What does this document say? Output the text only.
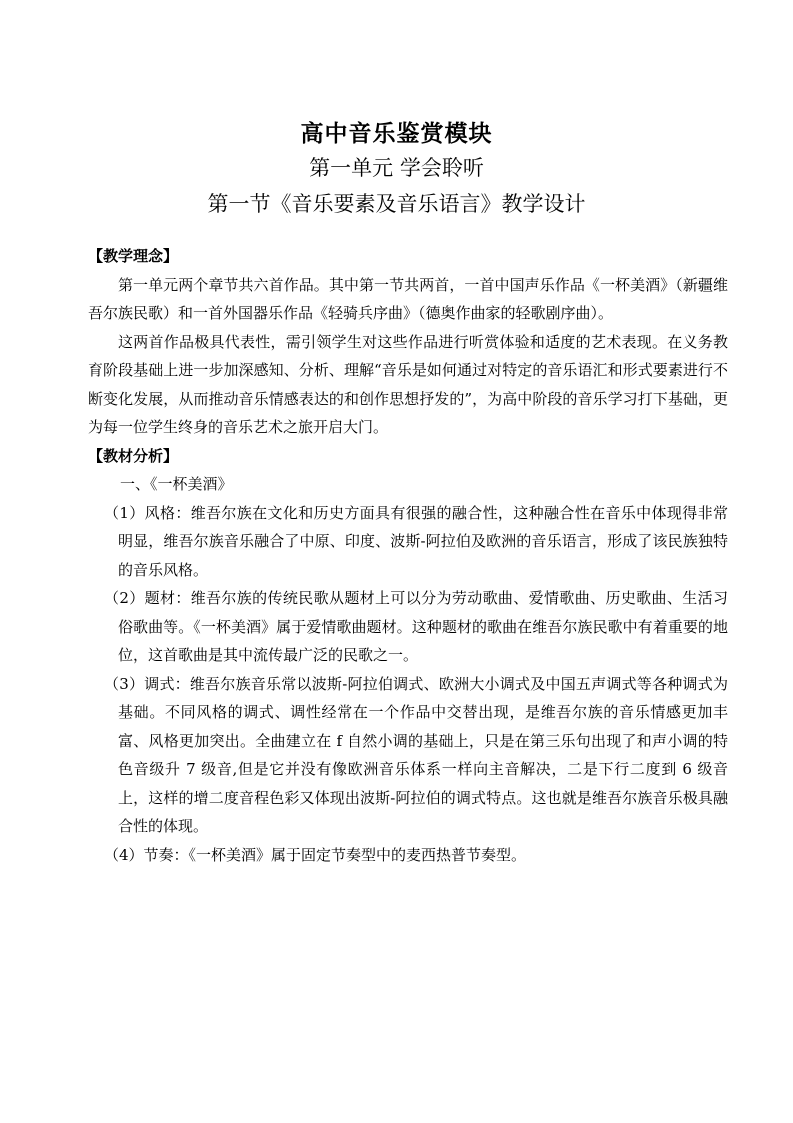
高中音乐鉴赏模块
第一单元 学会聆听
第一节《音乐要素及音乐语言》教学设计

【教学理念】

第一单元两个章节共六首作品。其中第一节共两首，一首中国声乐作品《一杯美酒》（新疆维吾尔族民歌）和一首外国器乐作品《轻骑兵序曲》（德奥作曲家的轻歌剧序曲）。

这两首作品极具代表性，需引领学生对这些作品进行听赏体验和适度的艺术表现。在义务教育阶段基础上进一步加深感知、分析、理解“音乐是如何通过对特定的音乐语汇和形式要素进行不断变化发展，从而推动音乐情感表达的和创作思想抒发的”，为高中阶段的音乐学习打下基础，更为每一位学生终身的音乐艺术之旅开启大门。

【教材分析】

一、《一杯美酒》

（1）风格：维吾尔族在文化和历史方面具有很强的融合性，这种融合性在音乐中体现得非常明显，维吾尔族音乐融合了中原、印度、波斯-阿拉伯及欧洲的音乐语言，形成了该民族独特的音乐风格。

（2）题材：维吾尔族的传统民歌从题材上可以分为劳动歌曲、爱情歌曲、历史歌曲、生活习俗歌曲等。《一杯美酒》属于爱情歌曲题材。这种题材的歌曲在维吾尔族民歌中有着重要的地位，这首歌曲是其中流传最广泛的民歌之一。

（3）调式：维吾尔族音乐常以波斯-阿拉伯调式、欧洲大小调式及中国五声调式等各种调式为基础。不同风格的调式、调性经常在一个作品中交替出现，是维吾尔族的音乐情感更加丰富、风格更加突出。全曲建立在 f 自然小调的基础上，只是在第三乐句出现了和声小调的特色音级升 7 级音,但是它并没有像欧洲音乐体系一样向主音解决，二是下行二度到 6 级音上，这样的增二度音程色彩又体现出波斯-阿拉伯的调式特点。这也就是维吾尔族音乐极具融合性的体现。

（4）节奏：《一杯美酒》属于固定节奏型中的麦西热普节奏型。
